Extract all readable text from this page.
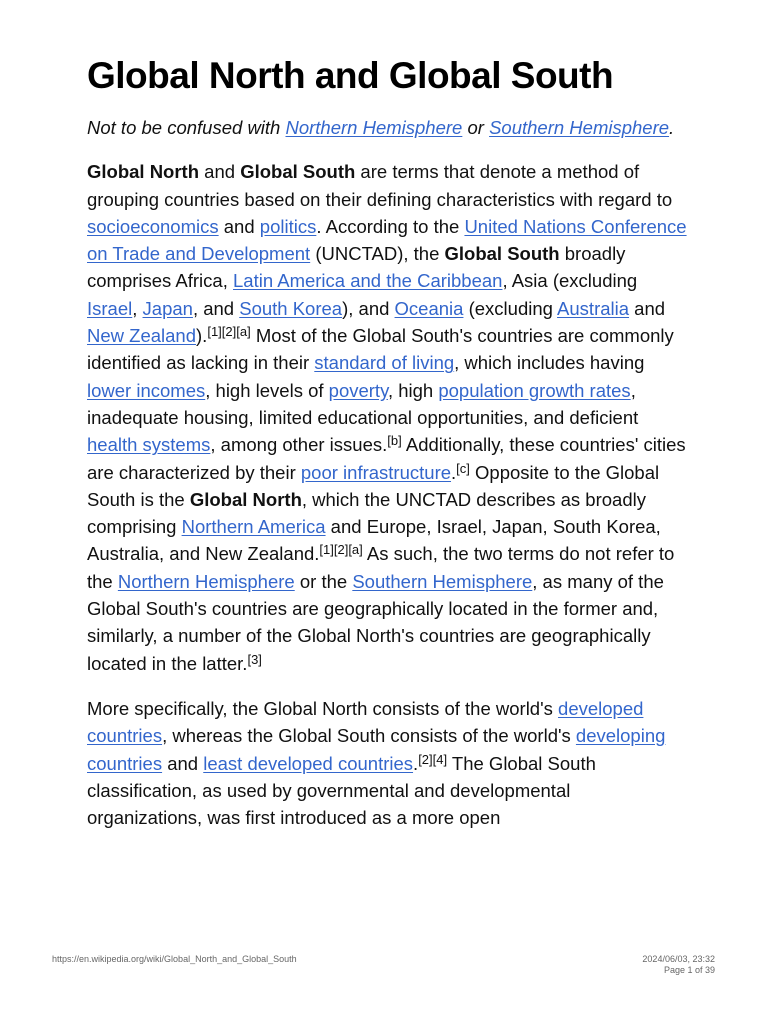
Global North and Global South
Not to be confused with Northern Hemisphere or Southern Hemisphere.

Global North and Global South are terms that denote a method of grouping countries based on their defining characteristics with regard to socioeconomics and politics. According to the United Nations Conference on Trade and Development (UNCTAD), the Global South broadly comprises Africa, Latin America and the Caribbean, Asia (excluding Israel, Japan, and South Korea), and Oceania (excluding Australia and New Zealand).[1][2][a] Most of the Global South's countries are commonly identified as lacking in their standard of living, which includes having lower incomes, high levels of poverty, high population growth rates, inadequate housing, limited educational opportunities, and deficient health systems, among other issues.[b] Additionally, these countries' cities are characterized by their poor infrastructure.[c] Opposite to the Global South is the Global North, which the UNCTAD describes as broadly comprising Northern America and Europe, Israel, Japan, South Korea, Australia, and New Zealand.[1][2][a] As such, the two terms do not refer to the Northern Hemisphere or the Southern Hemisphere, as many of the Global South's countries are geographically located in the former and, similarly, a number of the Global North's countries are geographically located in the latter.[3]

More specifically, the Global North consists of the world's developed countries, whereas the Global South consists of the world's developing countries and least developed countries.[2][4] The Global South classification, as used by governmental and developmental organizations, was first introduced as a more open

https://en.wikipedia.org/wiki/Global_North_and_Global_South	2024/06/03, 23:32
Page 1 of 39
